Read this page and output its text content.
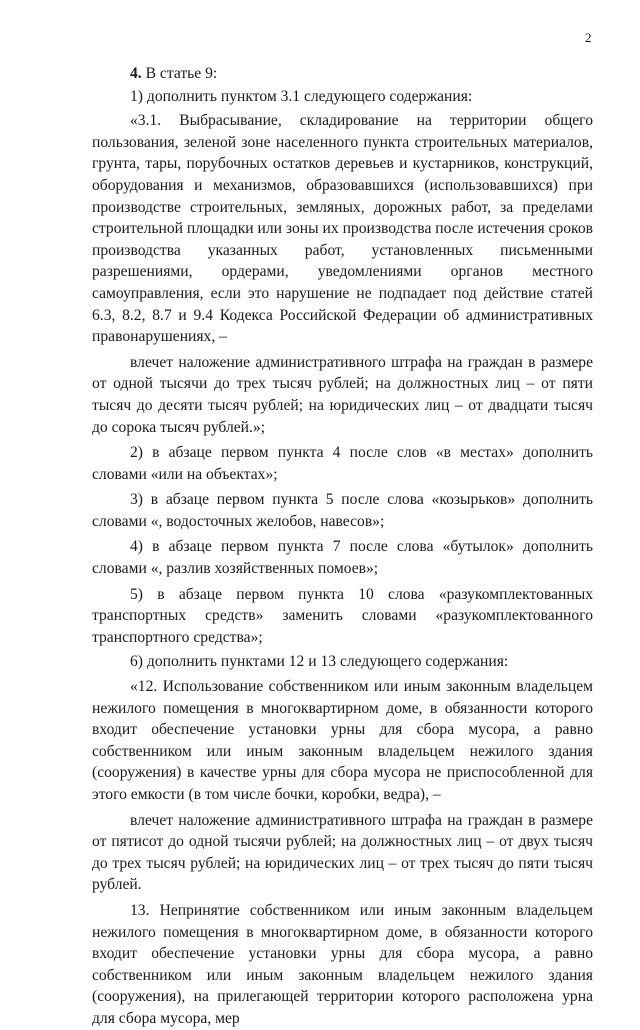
2

4. В статье 9:

1) дополнить пунктом 3.1 следующего содержания:

«3.1. Выбрасывание, складирование на территории общего пользования, зеленой зоне населенного пункта строительных материалов, грунта, тары, порубочных остатков деревьев и кустарников, конструкций, оборудования и механизмов, образовавшихся (использовавшихся) при производстве строительных, земляных, дорожных работ, за пределами строительной площадки или зоны их производства после истечения сроков производства указанных работ, установленных письменными разрешениями, ордерами, уведомлениями органов местного самоуправления, если это нарушение не подпадает под действие статей 6.3, 8.2, 8.7 и 9.4 Кодекса Российской Федерации об административных правонарушениях, –

влечет наложение административного штрафа на граждан в размере от одной тысячи до трех тысяч рублей; на должностных лиц – от пяти тысяч до десяти тысяч рублей; на юридических лиц – от двадцати тысяч до сорока тысяч рублей.»;

2) в абзаце первом пункта 4 после слов «в местах» дополнить словами «или на объектах»;

3) в абзаце первом пункта 5 после слова «козырьков» дополнить словами «, водосточных желобов, навесов»;

4) в абзаце первом пункта 7 после слова «бутылок» дополнить словами «, разлив хозяйственных помоев»;

5) в абзаце первом пункта 10 слова «разукомплектованных транспортных средств» заменить словами «разукомплектованного транспортного средства»;

6) дополнить пунктами 12 и 13 следующего содержания:

«12. Использование собственником или иным законным владельцем нежилого помещения в многоквартирном доме, в обязанности которого входит обеспечение установки урны для сбора мусора, а равно собственником или иным законным владельцем нежилого здания (сооружения) в качестве урны для сбора мусора не приспособленной для этого емкости (в том числе бочки, коробки, ведра), –

влечет наложение административного штрафа на граждан в размере от пятисот до одной тысячи рублей; на должностных лиц – от двух тысяч до трех тысяч рублей; на юридических лиц – от трех тысяч до пяти тысяч рублей.

13. Непринятие собственником или иным законным владельцем нежилого помещения в многоквартирном доме, в обязанности которого входит обеспечение установки урны для сбора мусора, а равно собственником или иным законным владельцем нежилого здания (сооружения), на прилегающей территории которого расположена урна для сбора мусора, мер
